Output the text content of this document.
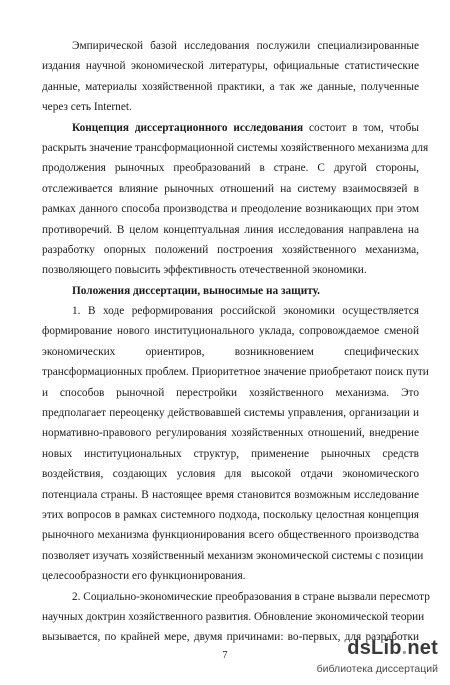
Эмпирической базой исследования послужили специализированные
издания научной экономической литературы, официальные статистические
данные, материалы хозяйственной практики, а так же данные, полученные
через сеть Internet.
Концепция диссертационного исследования состоит в том, чтобы
раскрыть значение трансформационной системы хозяйственного механизма для
продолжения рыночных преобразований в стране. С другой стороны,
отслеживается влияние рыночных отношений на систему взаимосвязей в
рамках данного способа производства и преодоление возникающих при этом
противоречий. В целом концептуальная линия исследования направлена на
разработку опорных положений построения хозяйственного механизма,
позволяющего повысить эффективность отечественной экономики.
Положения диссертации, выносимые на защиту.
1. В ходе реформирования российской экономики осуществляется
формирование нового институционального уклада, сопровождаемое сменой
экономических ориентиров, возникновением специфических
трансформационных проблем. Приоритетное значение приобретают поиск пути
и способов рыночной перестройки хозяйственного механизма. Это
предполагает переоценку действовавшей системы управления, организации и
нормативно-правового регулирования хозяйственных отношений, внедрение
новых институциональных структур, применение рыночных средств
воздействия, создающих условия для высокой отдачи экономического
потенциала страны. В настоящее время становится возможным исследование
этих вопросов в рамках системного подхода, поскольку целостная концепция
рыночного механизма функционирования всего общественного производства
позволяет изучать хозяйственный механизм экономической системы с позиции
целесообразности его функционирования.
2. Социально-экономические преобразования в стране вызвали пересмотр
научных доктрин хозяйственного развития. Обновление экономической теории
вызывается, по крайней мере, двумя причинами: во-первых, для разработки
7	dsLib.net
библиотека диссертаций
